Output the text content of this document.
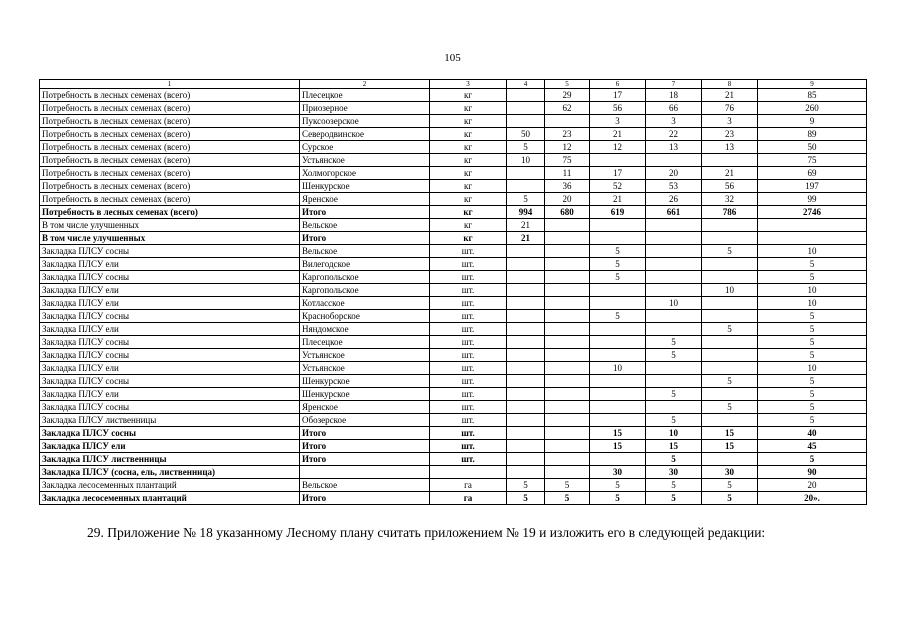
105
1	2	3	4	5	6	7	8	9
Потребность в лесных семенах (всего)	Плесецкое	кг		29	17	18	21	85
Потребность в лесных семенах (всего)	Приозерное	кг		62	56	66	76	260
Потребность в лесных семенах (всего)	Пуксоозерское	кг			3	3	3	9
Потребность в лесных семенах (всего)	Северодвинское	кг	50	23	21	22	23	89
Потребность в лесных семенах (всего)	Сурское	кг	5	12	12	13	13	50
Потребность в лесных семенах (всего)	Устьянское	кг	10	75				75
Потребность в лесных семенах (всего)	Холмогорское	кг		11	17	20	21	69
Потребность в лесных семенах (всего)	Шенкурское	кг		36	52	53	56	197
Потребность в лесных семенах (всего)	Яренское	кг	5	20	21	26	32	99
Потребность в лесных семенах (всего)	Итого	кг	994	680	619	661	786	2746
В том числе улучшенных	Вельское	кг	21					
В том числе улучшенных	Итого	кг	21					
Закладка ПЛСУ сосны	Вельское	шт.			5		5	10
Закладка ПЛСУ ели	Вилегодское	шт.			5			5
Закладка ПЛСУ сосны	Каргопольское	шт.			5			5
Закладка ПЛСУ ели	Каргопольское	шт.					10	10
Закладка ПЛСУ ели	Котласское	шт.				10		10
Закладка ПЛСУ сосны	Красноборское	шт.			5			5
Закладка ПЛСУ ели	Няндомское	шт.					5	5
Закладка ПЛСУ сосны	Плесецкое	шт.				5		5
Закладка ПЛСУ сосны	Устьянское	шт.				5		5
Закладка ПЛСУ ели	Устьянское	шт.			10			10
Закладка ПЛСУ сосны	Шенкурское	шт.					5	5
Закладка ПЛСУ ели	Шенкурское	шт.				5		5
Закладка ПЛСУ сосны	Яренское	шт.					5	5
Закладка ПЛСУ лиственницы	Обозерское	шт.				5		5
Закладка ПЛСУ сосны	Итого	шт.			15	10	15	40
Закладка ПЛСУ ели	Итого	шт.			15	15	15	45
Закладка ПЛСУ лиственницы	Итого	шт.				5		5
Закладка ПЛСУ (сосна, ель, лиственница)					30	30	30	90
Закладка лесосеменных плантаций	Вельское	га	5	5	5	5	5	20
Закладка лесосеменных плантаций	Итого	га	5	5	5	5	5	20».
29. Приложение № 18 указанному Лесному плану считать приложением № 19 и изложить его в следующей редакции:
